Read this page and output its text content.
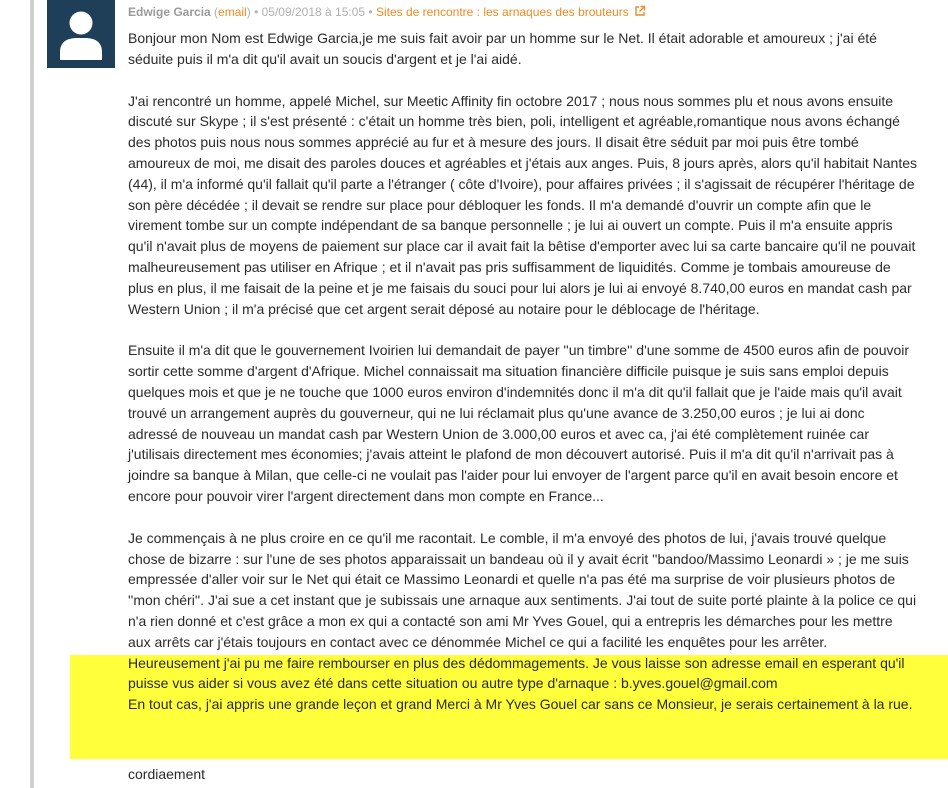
Edwige Garcia (email) • 05/09/2018 à 15:05 • Sites de rencontre : les arnaques des brouteurs

Bonjour mon Nom est Edwige Garcia,je me suis fait avoir par un homme sur le Net. Il était adorable et amoureux ; j'ai été séduite puis il m'a dit qu'il avait un soucis d'argent et je l'ai aidé.

J'ai rencontré un homme, appelé Michel, sur Meetic Affinity fin octobre 2017 ; nous nous sommes plu et nous avons ensuite discuté sur Skype ; il s'est présenté : c'était un homme très bien, poli, intelligent et agréable,romantique nous avons échangé des photos puis nous nous sommes apprécié au fur et à mesure des jours. Il disait être séduit par moi puis être tombé amoureux de moi, me disait des paroles douces et agréables et j'étais aux anges. Puis, 8 jours après, alors qu'il habitait Nantes (44), il m'a informé qu'il fallait qu'il parte a l'étranger ( côte d'Ivoire), pour affaires privées ; il s'agissait de récupérer l'héritage de son père décédée ; il devait se rendre sur place pour débloquer les fonds. Il m'a demandé d'ouvrir un compte afin que le virement tombe sur un compte indépendant de sa banque personnelle ; je lui ai ouvert un compte. Puis il m'a ensuite appris qu'il n'avait plus de moyens de paiement sur place car il avait fait la bêtise d'emporter avec lui sa carte bancaire qu'il ne pouvait malheureusement pas utiliser en Afrique ; et il n'avait pas pris suffisamment de liquidités. Comme je tombais amoureuse de plus en plus, il me faisait de la peine et je me faisais du souci pour lui alors je lui ai envoyé 8.740,00 euros en mandat cash par Western Union ; il m'a précisé que cet argent serait déposé au notaire pour le déblocage de l'héritage.

Ensuite il m'a dit que le gouvernement Ivoirien lui demandait de payer ''un timbre'' d'une somme de 4500 euros afin de pouvoir sortir cette somme d'argent d'Afrique. Michel connaissait ma situation financière difficile puisque je suis sans emploi depuis quelques mois et que je ne touche que 1000 euros environ d'indemnités donc il m'a dit qu'il fallait que je l'aide mais qu'il avait trouvé un arrangement auprès du gouverneur, qui ne lui réclamait plus qu'une avance de 3.250,00 euros ; je lui ai donc adressé de nouveau un mandat cash par Western Union de 3.000,00 euros et avec ca, j'ai été complètement ruinée car j'utilisais directement mes économies; j'avais atteint le plafond de mon découvert autorisé. Puis il m'a dit qu'il n'arrivait pas à joindre sa banque à Milan, que celle-ci ne voulait pas l'aider pour lui envoyer de l'argent parce qu'il en avait besoin encore et encore pour pouvoir virer l'argent directement dans mon compte en France...

Je commençais à ne plus croire en ce qu'il me racontait. Le comble, il m'a envoyé des photos de lui, j'avais trouvé quelque chose de bizarre : sur l'une de ses photos apparaissait un bandeau où il y avait écrit ''bandoo/Massimo Leonardi » ; je me suis empressée d'aller voir sur le Net qui était ce Massimo Leonardi et quelle n'a pas été ma surprise de voir plusieurs photos de ''mon chéri''. J'ai sue a cet instant que je subissais une arnaque aux sentiments. J'ai tout de suite porté plainte à la police ce qui n'a rien donné et c'est grâce a mon ex qui a contacté son ami Mr Yves Gouel, qui a entrepris les démarches pour les mettre aux arrêts car j'étais toujours en contact avec ce dénommée Michel ce qui a facilité les enquêtes pour les arrêter. Heureusement j'ai pu me faire rembourser en plus des dédommagements. Je vous laisse son adresse email en esperant qu'il puisse vus aider si vous avez été dans cette situation ou autre type d'arnaque : b.yves.gouel@gmail.com

En tout cas, j'ai appris une grande leçon et grand Merci à Mr Yves Gouel car sans ce Monsieur, je serais certainement à la rue.
cordiaement
